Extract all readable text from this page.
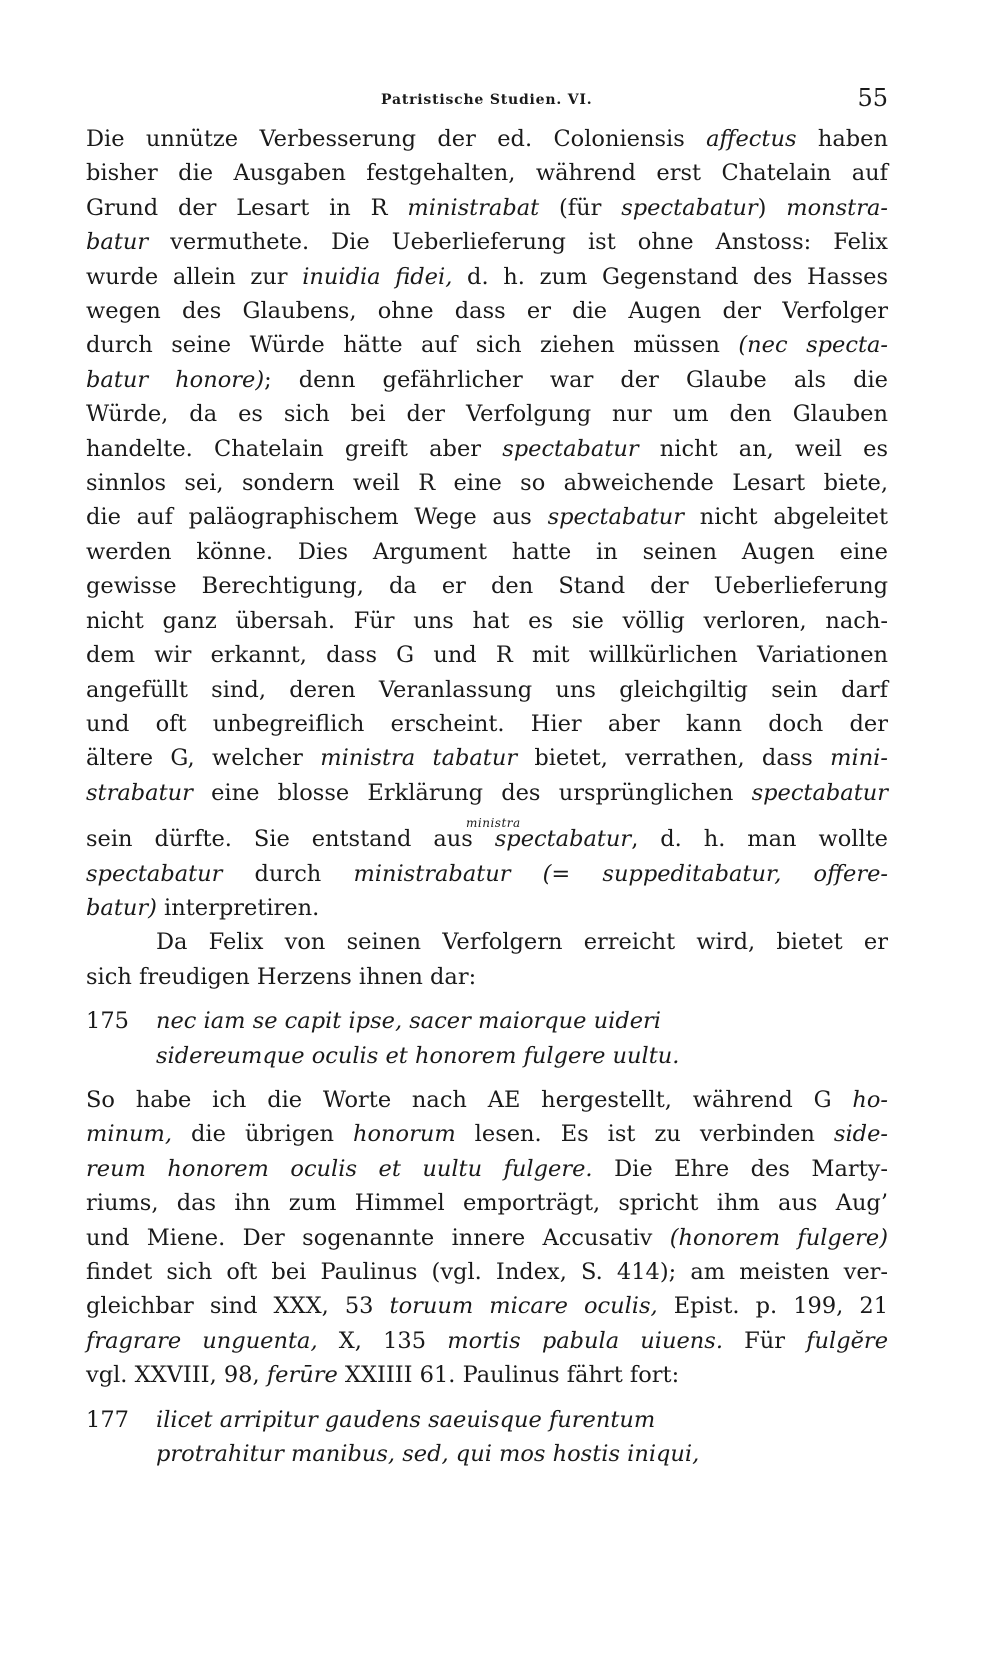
Patristische Studien. VI.	55
Die unnütze Verbesserung der ed. Coloniensis affectus haben
bisher die Ausgaben festgehalten, während erst Chatelain auf
Grund der Lesart in R ministrabat (für spectabatur) monstra-
batur vermuthete. Die Ueberlieferung ist ohne Anstoss: Felix
wurde allein zur inuidia fidei, d. h. zum Gegenstand des Hasses
wegen des Glaubens, ohne dass er die Augen der Verfolger
durch seine Würde hätte auf sich ziehen müssen (nec specta-
batur honore); denn gefährlicher war der Glaube als die
Würde, da es sich bei der Verfolgung nur um den Glauben
handelte. Chatelain greift aber spectabatur nicht an, weil es
sinnlos sei, sondern weil R eine so abweichende Lesart biete,
die auf paläographischem Wege aus spectabatur nicht abgeleitet
werden könne. Dies Argument hatte in seinen Augen eine
gewisse Berechtigung, da er den Stand der Ueberlieferung
nicht ganz übersah. Für uns hat es sie völlig verloren, nach-
dem wir erkannt, dass G und R mit willkürlichen Variationen
angefüllt sind, deren Veranlassung uns gleichgiltig sein darf
und oft unbegreiflich erscheint. Hier aber kann doch der
ältere G, welcher ministra tabatur bietet, verrathen, dass mini-
strabatur eine blosse Erklärung des ursprünglichen spectabatur
ministra
sein dürfte. Sie entstand aus spectabatur, d. h. man wollte
spectabatur durch ministrabatur (= suppeditabatur, offere-
batur) interpretiren.
Da Felix von seinen Verfolgern erreicht wird, bietet er
sich freudigen Herzens ihnen dar:
175	nec iam se capit ipse, sacer maiorque uideri
sidereumque oculis et honorem fulgere uultu.
So habe ich die Worte nach AE hergestellt, während G ho-
minum, die übrigen honorum lesen. Es ist zu verbinden side-
reum honorem oculis et uultu fulgere. Die Ehre des Marty-
riums, das ihn zum Himmel emporträgt, spricht ihm aus Aug’
und Miene. Der sogenannte innere Accusativ (honorem fulgere)
findet sich oft bei Paulinus (vgl. Index, S. 414); am meisten ver-
gleichbar sind XXX, 53 toruum micare oculis, Epist. p. 199, 21
fragrare unguenta, X, 135 mortis pabula uiuens. Für fulgĕre
vgl. XXVIII, 98, ferūre XXIIII 61. Paulinus fährt fort:
177	ilicet arripitur gaudens saeuisque furentum
protrahitur manibus, sed, qui mos hostis iniqui,
